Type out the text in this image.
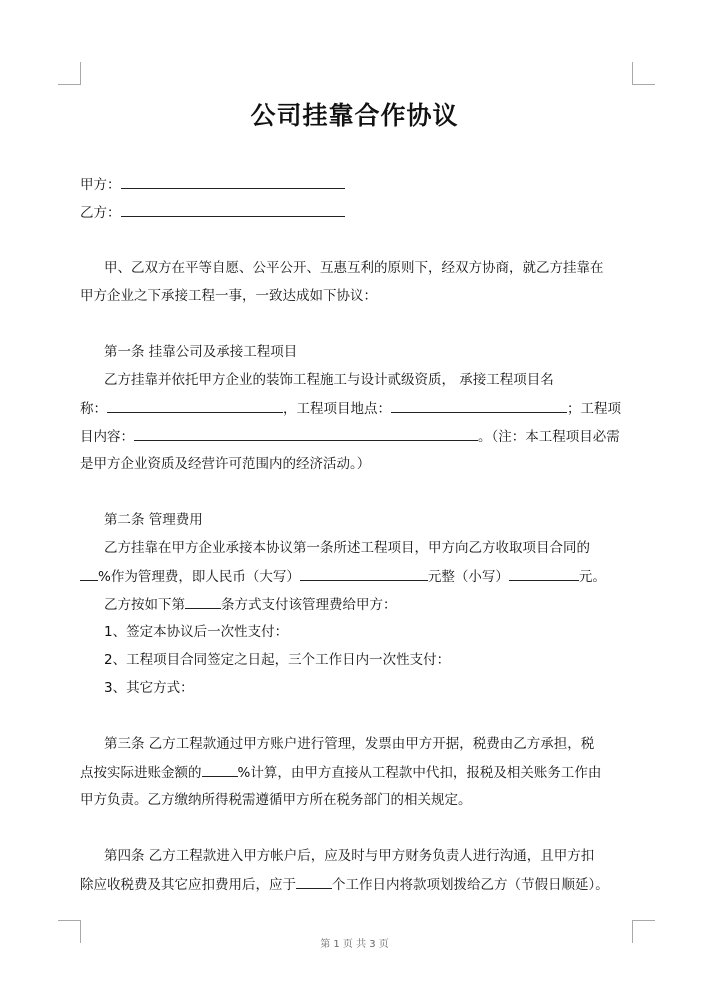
公司挂靠合作协议
甲方：
乙方：
甲、乙双方在平等自愿、公平公开、互惠互利的原则下，经双方协商，就乙方挂靠在
甲方企业之下承接工程一事，一致达成如下协议：
第一条 挂靠公司及承接工程项目
乙方挂靠并依托甲方企业的装饰工程施工与设计贰级资质， 承接工程项目名
称：	，工程项目地点：	；工程项
目内容：	。（注：本工程项目必需
是甲方企业资质及经营许可范围内的经济活动。）
第二条 管理费用
乙方挂靠在甲方企业承接本协议第一条所述工程项目，甲方向乙方收取项目合同的
%作为管理费，即人民币（大写）	元整（小写）	元。
乙方按如下第	条方式支付该管理费给甲方：
1、签定本协议后一次性支付：
2、工程项目合同签定之日起，三个工作日内一次性支付：
3、其它方式：
第三条 乙方工程款通过甲方账户进行管理，发票由甲方开据，税费由乙方承担，税
点按实际进账金额的	%计算，由甲方直接从工程款中代扣，报税及相关账务工作由
甲方负责。乙方缴纳所得税需遵循甲方所在税务部门的相关规定。
第四条 乙方工程款进入甲方帐户后，应及时与甲方财务负责人进行沟通，且甲方扣
除应收税费及其它应扣费用后，应于	个工作日内将款项划拨给乙方（节假日顺延）。
第 1 页 共 3 页
